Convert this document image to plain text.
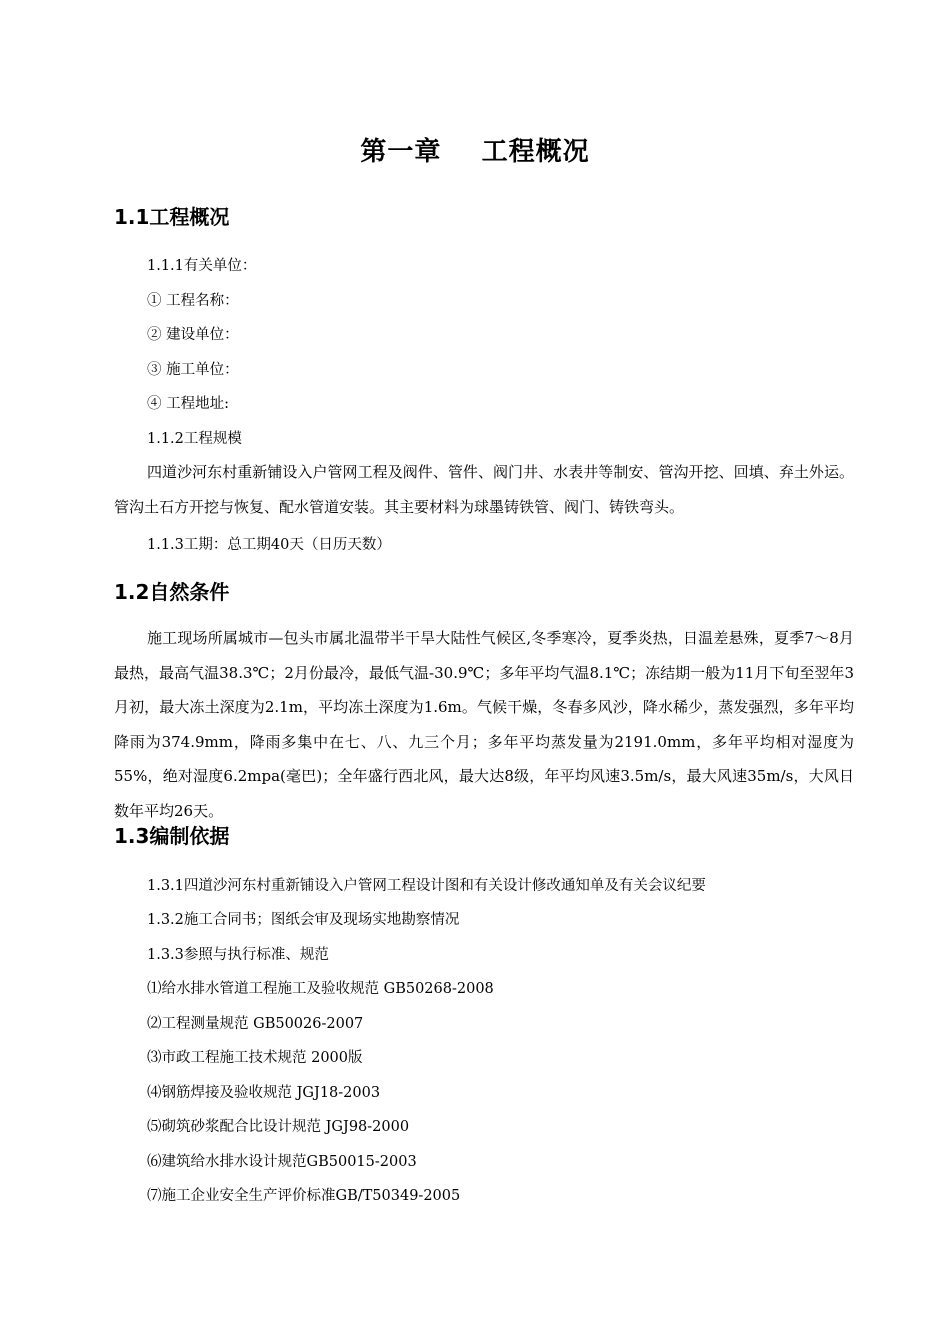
第一章    工程概况
1.1工程概况
1.1.1有关单位：
① 工程名称：
② 建设单位：
③ 施工单位：
④ 工程地址:
1.1.2工程规模

四道沙河东村重新铺设入户管网工程及阀件、管件、阀门井、水表井等制安、管沟开挖、回填、弃土外运。管沟土石方开挖与恢复、配水管道安装。其主要材料为球墨铸铁管、阀门、铸铁弯头。

1.1.3工期：总工期40天（日历天数）
1.2自然条件

施工现场所属城市—包头市属北温带半干旱大陆性气候区,冬季寒冷，夏季炎热，日温差悬殊，夏季7～8月最热，最高气温38.3℃；2月份最冷，最低气温-30.9℃；多年平均气温8.1℃；冻结期一般为11月下旬至翌年3月初，最大冻土深度为2.1m，平均冻土深度为1.6m。气候干燥，冬春多风沙，降水稀少，蒸发强烈，多年平均降雨为374.9mm，降雨多集中在七、八、九三个月；多年平均蒸发量为2191.0mm，多年平均相对湿度为55%，绝对湿度6.2mpa(毫巴)；全年盛行西北风，最大达8级，年平均风速3.5m/s，最大风速35m/s，大风日数年平均26天。

1.3编制依据
1.3.1四道沙河东村重新铺设入户管网工程设计图和有关设计修改通知单及有关会议纪要
1.3.2施工合同书；图纸会审及现场实地勘察情况
1.3.3参照与执行标准、规范
⑴给水排水管道工程施工及验收规范 GB50268-2008
⑵工程测量规范 GB50026-2007
⑶市政工程施工技术规范 2000版
⑷钢筋焊接及验收规范 JGJ18-2003
⑸砌筑砂浆配合比设计规范 JGJ98-2000
⑹建筑给水排水设计规范GB50015-2003
⑺施工企业安全生产评价标准GB/T50349-2005
